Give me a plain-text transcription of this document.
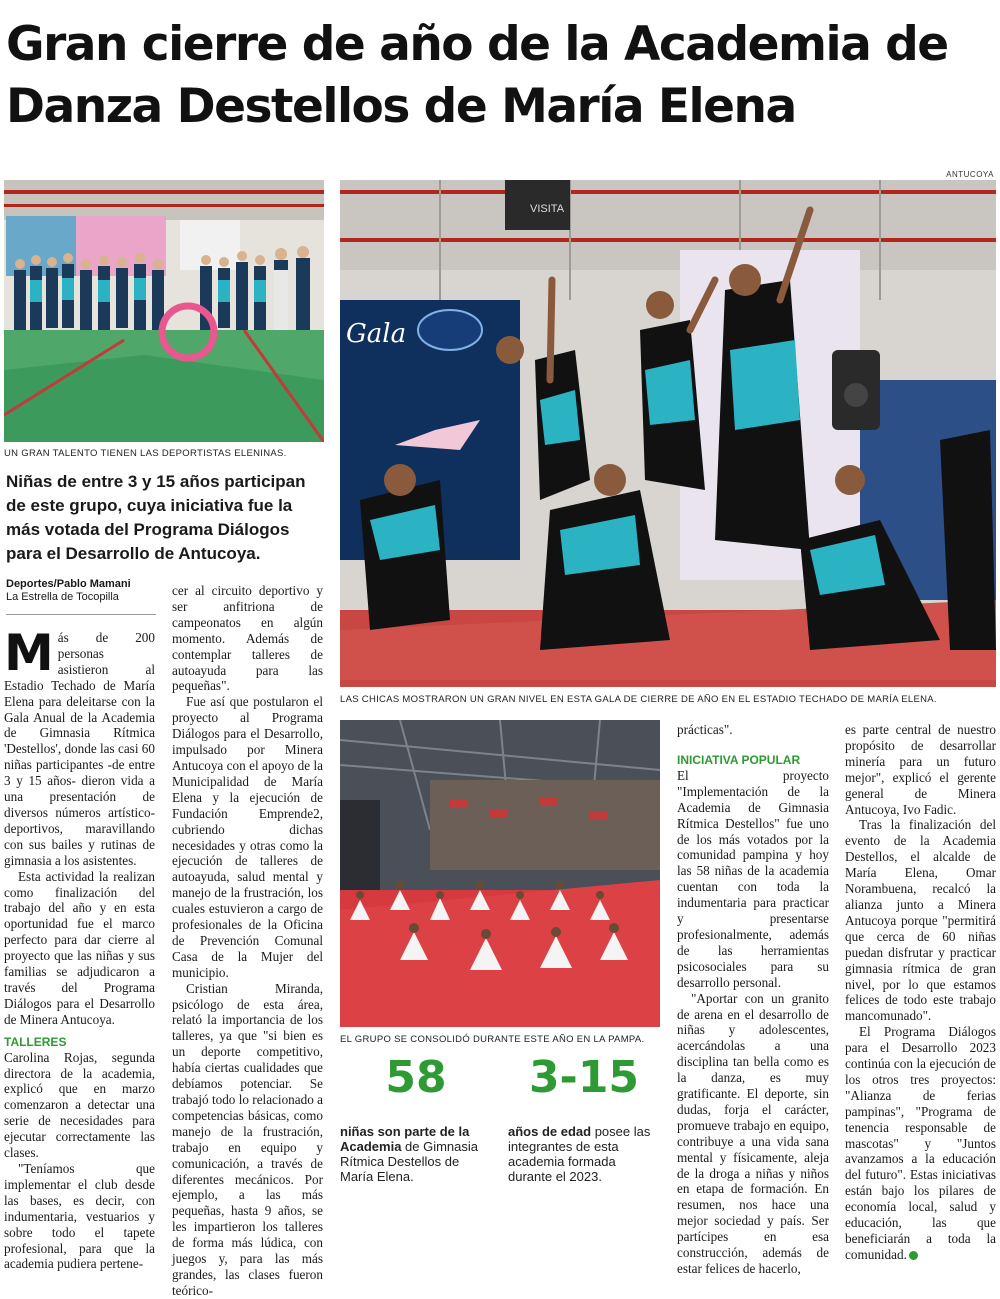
Gran cierre de año de la Academia de Danza Destellos de María Elena
ANTUCOYA
UN GRAN TALENTO TIENEN LAS DEPORTISTAS ELENINAS.
VISITA
Gala
LAS CHICAS MOSTRARON UN GRAN NIVEL EN ESTA GALA DE CIERRE DE AÑO EN EL ESTADIO TECHADO DE MARÍA ELENA.
EL GRUPO SE CONSOLIDÓ DURANTE ESTE AÑO EN LA PAMPA.
Niñas de entre 3 y 15 años participan de este grupo, cuya iniciativa fue la más votada del Programa Diálogos para el Desarrollo de Antucoya.
Deportes/Pablo Mamani
La Estrella de Tocopilla

Más de 200 personas asistieron al Estadio Techado de María Elena para deleitarse con la Gala Anual de la Academia de Gimnasia Rítmica 'Destellos', donde las casi 60 niñas participantes -de entre 3 y 15 años- dieron vida a una presentación de diversos números artístico-deportivos, maravillando con sus bailes y rutinas de gimnasia a los asistentes.

Esta actividad la realizan como finalización del trabajo del año y en esta oportunidad fue el marco perfecto para dar cierre al proyecto que las niñas y sus familias se adjudicaron a través del Programa Diálogos para el Desarrollo de Minera Antucoya.

TALLERES

Carolina Rojas, segunda directora de la academia, explicó que en marzo comenzaron a detectar una serie de necesidades para ejecutar correctamente las clases.

"Teníamos que implementar el club desde las bases, es decir, con indumentaria, vestuarios y sobre todo el tapete profesional, para que la academia pudiera pertene-

cer al circuito deportivo y ser anfitriona de campeonatos en algún momento. Además de contemplar talleres de autoayuda para las pequeñas".

Fue así que postularon el proyecto al Programa Diálogos para el Desarrollo, impulsado por Minera Antucoya con el apoyo de la Municipalidad de María Elena y la ejecución de Fundación Emprende2, cubriendo dichas necesidades y otras como la ejecución de talleres de autoayuda, salud mental y manejo de la frustración, los cuales estuvieron a cargo de profesionales de la Oficina de Prevención Comunal Casa de la Mujer del municipio.

Cristian Miranda, psicólogo de esta área, relató la importancia de los talleres, ya que "si bien es un deporte competitivo, había ciertas cualidades que debíamos potenciar. Se trabajó todo lo relacionado a competencias básicas, como manejo de la frustración, trabajo en equipo y comunicación, a través de diferentes mecánicos. Por ejemplo, a las más pequeñas, hasta 9 años, se les impartieron los talleres de forma más lúdica, con juegos y, para las más grandes, las clases fueron teórico-

58
niñas son parte de la Academia de Gimnasia Rítmica Destellos de María Elena.
3-15
años de edad posee las integrantes de esta academia formada durante el 2023.

prácticas".

INICIATIVA POPULAR

El proyecto "Implementación de la Academia de Gimnasia Rítmica Destellos" fue uno de los más votados por la comunidad pampina y hoy las 58 niñas de la academia cuentan con toda la indumentaria para practicar y presentarse profesionalmente, además de las herramientas psicosociales para su desarrollo personal.

"Aportar con un granito de arena en el desarrollo de niñas y adolescentes, acercándolas a una disciplina tan bella como es la danza, es muy gratificante. El deporte, sin dudas, forja el carácter, promueve trabajo en equipo, contribuye a una vida sana mental y físicamente, aleja de la droga a niñas y niños en etapa de formación. En resumen, nos hace una mejor sociedad y país. Ser partícipes en esa construcción, además de estar felices de hacerlo,

es parte central de nuestro propósito de desarrollar minería para un futuro mejor", explicó el gerente general de Minera Antucoya, Ivo Fadic.

Tras la finalización del evento de la Academia Destellos, el alcalde de María Elena, Omar Norambuena, recalcó la alianza junto a Minera Antucoya porque "permitirá que cerca de 60 niñas puedan disfrutar y practicar gimnasia rítmica de gran nivel, por lo que estamos felices de todo este trabajo mancomunado".

El Programa Diálogos para el Desarrollo 2023 continúa con la ejecución de los otros tres proyectos: "Alianza de ferias pampinas", "Programa de tenencia responsable de mascotas" y "Juntos avanzamos a la educación del futuro". Estas iniciativas están bajo los pilares de economía local, salud y educación, las que beneficiarán a toda la comunidad.
